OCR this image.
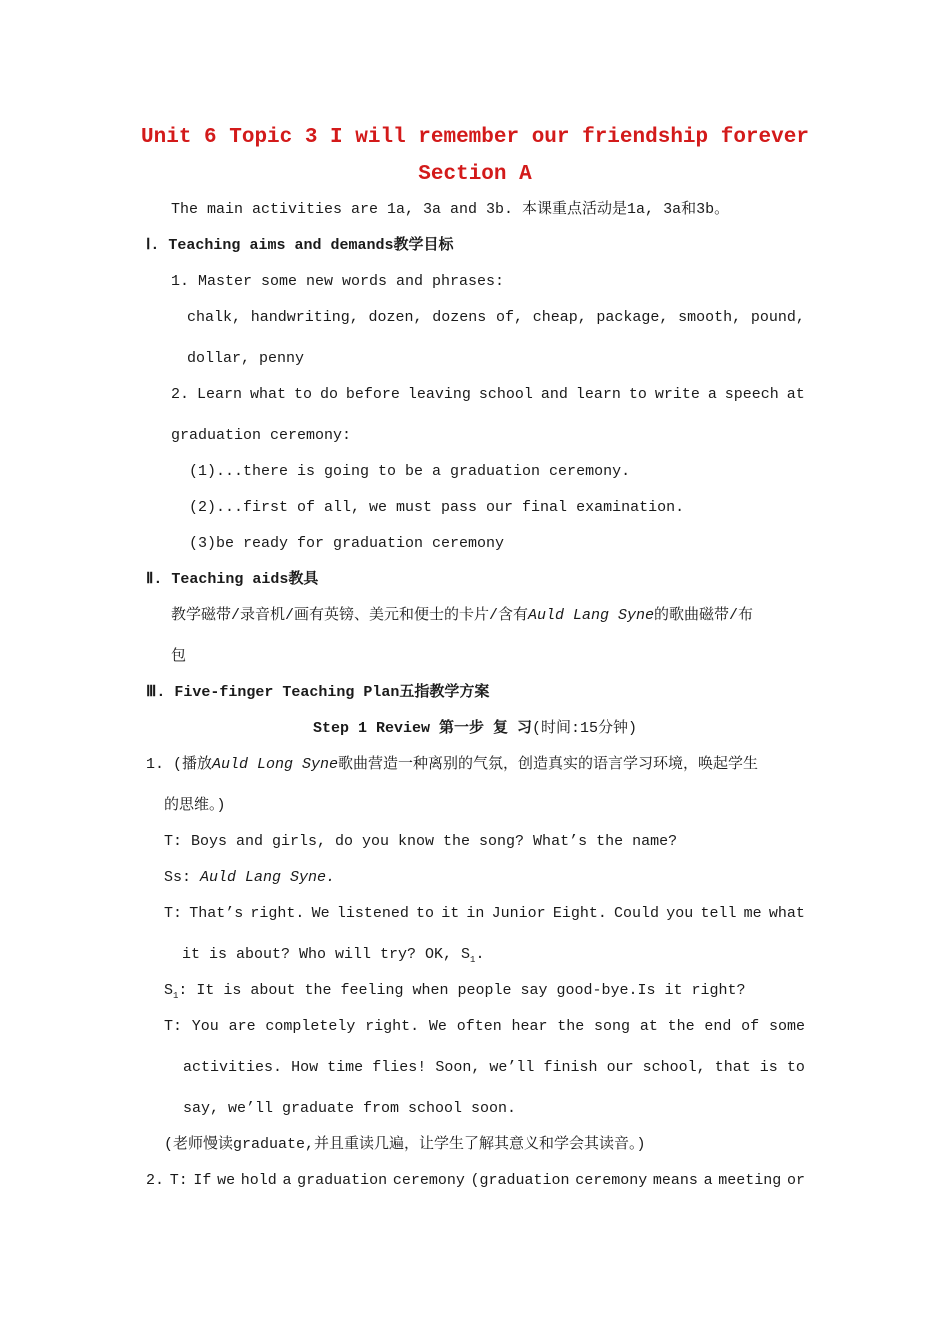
Unit 6 Topic 3 I will remember our friendship forever
Section A
The main activities are 1a, 3a and 3b. 本课重点活动是1a, 3a和3b。
Ⅰ. Teaching aims and demands教学目标
1. Master some new words and phrases:
chalk, handwriting, dozen, dozens of, cheap, package, smooth, pound,
dollar, penny
2. Learn what to do before leaving school and learn to write a speech at
graduation ceremony:
(1)...there is going to be a graduation ceremony.
(2)...first of all, we must pass our final examination.
(3)be ready for graduation ceremony
Ⅱ. Teaching aids教具
教学磁带/录音机/画有英镑、美元和便士的卡片/含有Auld Lang Syne的歌曲磁带/布
包
Ⅲ. Five-finger Teaching Plan五指教学方案
Step 1 Review 第一步 复 习(时间:15分钟)
1. (播放Auld Long Syne歌曲营造一种离别的气氛，创造真实的语言学习环境，唤起学生
的思维。)
T: Boys and girls, do you know the song? What’s the name?
Ss: Auld Lang Syne.
T: That’s right. We listened to it in Junior Eight. Could you tell me what
it is about? Who will try? OK, $S_1$.
$S_1$: It is about the feeling when people say good-bye.Is it right?
T: You are completely right. We often hear the song at the end of some
activities. How time flies! Soon, we’ll finish our school, that is to
say, we’ll graduate from school soon.
(老师慢读graduate,并且重读几遍，让学生了解其意义和学会其读音。)
2. T: If we hold a graduation ceremony (graduation ceremony means a meeting or
